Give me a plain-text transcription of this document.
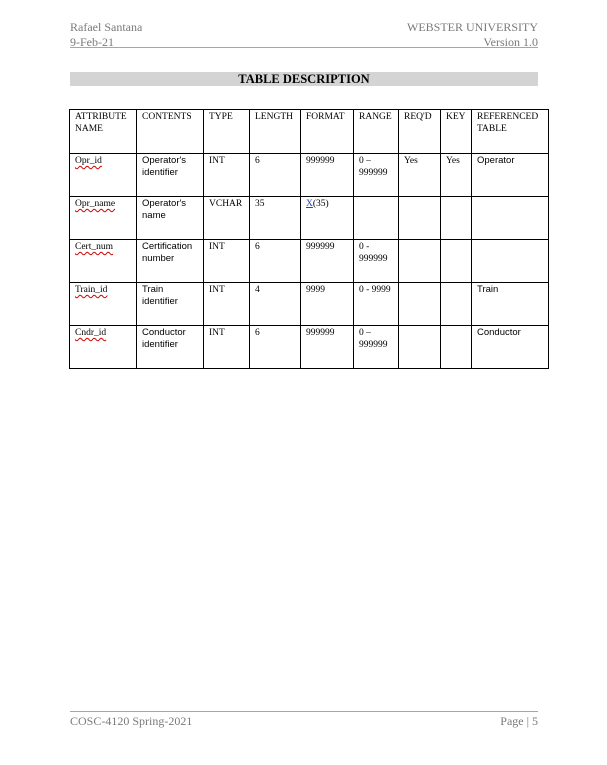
Rafael Santana
9-Feb-21
WEBSTER UNIVERSITY
Version 1.0
TABLE DESCRIPTION
ATTRIBUTE NAME	CONTENTS	TYPE	LENGTH	FORMAT	RANGE	REQ'D	KEY	REFERENCED TABLE
Opr_id	Operator's identifier	INT	6	999999	0 – 999999	Yes	Yes	Operator
Opr_name	Operator's name	VCHAR	35	X(35)				
Cert_num	Certification number	INT	6	999999	0 - 999999			
Train_id	Train identifier	INT	4	9999	0 - 9999			Train
Cndr_id	Conductor identifier	INT	6	999999	0 – 999999			Conductor
COSC-4120 Spring-2021	Page | 5
